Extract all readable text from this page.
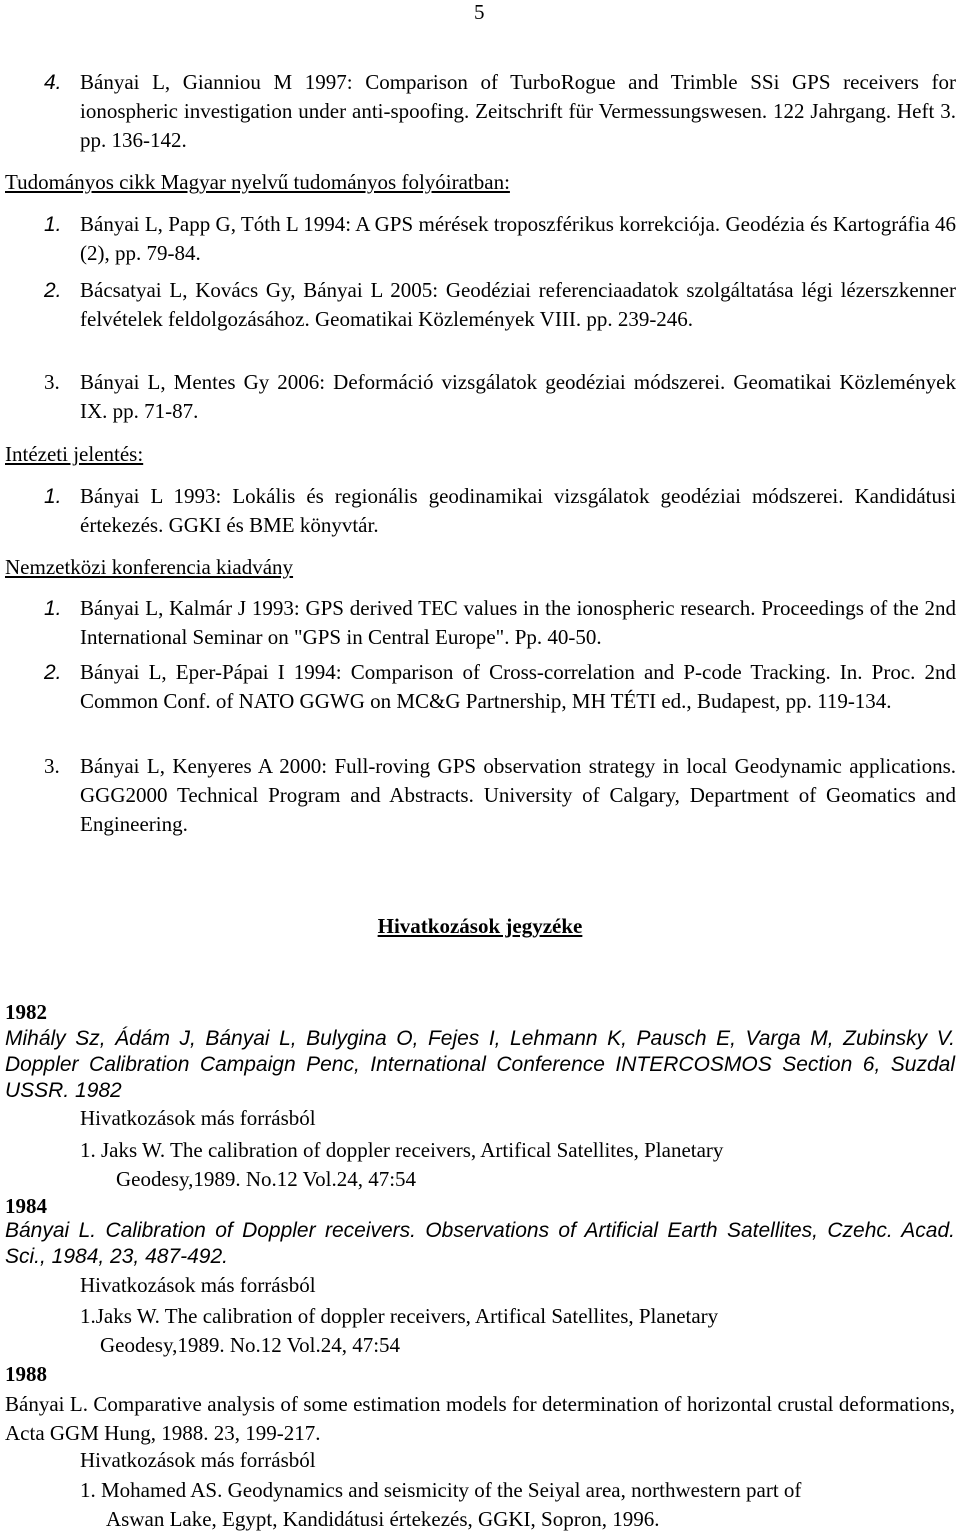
5
4. Bányai L, Gianniou M 1997: Comparison of TurboRogue and Trimble SSi GPS receivers for ionospheric investigation under anti-spoofing. Zeitschrift für Vermessungswesen. 122 Jahrgang. Heft 3. pp. 136-142.
Tudományos cikk Magyar nyelvű tudományos folyóiratban:
1. Bányai L, Papp G, Tóth L 1994: A GPS mérések troposzférikus korrekciója. Geodézia és Kartográfia 46 (2), pp. 79-84.
2. Bácsatyai L, Kovács Gy, Bányai L 2005: Geodéziai referenciaadatok szolgáltatása légi lézerszkenner felvételek feldolgozásához. Geomatikai Közlemények VIII. pp. 239-246.
3. Bányai L, Mentes Gy 2006: Deformáció vizsgálatok geodéziai módszerei. Geomatikai Közlemények IX. pp. 71-87.
Intézeti jelentés:
1. Bányai L 1993: Lokális és regionális geodinamikai vizsgálatok geodéziai módszerei. Kandidátusi értekezés. GGKI és BME könyvtár.
Nemzetközi konferencia kiadvány
1. Bányai L, Kalmár J 1993: GPS derived TEC values in the ionospheric research. Proceedings of the 2nd International Seminar on "GPS in Central Europe". Pp. 40-50.
2. Bányai L, Eper-Pápai I 1994: Comparison of Cross-correlation and P-code Tracking. In. Proc. 2nd Common Conf. of NATO GGWG on MC&G Partnership, MH TÉTI ed., Budapest, pp. 119-134.
3. Bányai L, Kenyeres A 2000: Full-roving GPS observation strategy in local Geodynamic applications. GGG2000 Technical Program and Abstracts. University of Calgary, Department of Geomatics and Engineering.
Hivatkozások jegyzéke
1982
Mihály Sz, Ádám J, Bányai L, Bulygina O, Fejes I, Lehmann K, Pausch E, Varga M, Zubinsky V. Doppler Calibration Campaign Penc, International Conference INTERCOSMOS Section 6, Suzdal USSR. 1982
Hivatkozások más forrásból
1. Jaks W. The calibration of doppler receivers, Artifical Satellites, Planetary
Geodesy,1989. No.12 Vol.24, 47:54
1984
Bányai L. Calibration of Doppler receivers. Observations of Artificial Earth Satellites, Czehc. Acad. Sci., 1984, 23, 487-492.
Hivatkozások más forrásból
1.Jaks W. The calibration of doppler receivers, Artifical Satellites, Planetary
Geodesy,1989. No.12 Vol.24, 47:54
1988
Bányai L. Comparative analysis of some estimation models for determination of horizontal crustal deformations, Acta GGM Hung, 1988. 23, 199-217.
Hivatkozások más forrásból
1. Mohamed AS. Geodynamics and seismicity of the Seiyal area, northwestern part of
Aswan Lake, Egypt, Kandidátusi értekezés, GGKI, Sopron, 1996.
